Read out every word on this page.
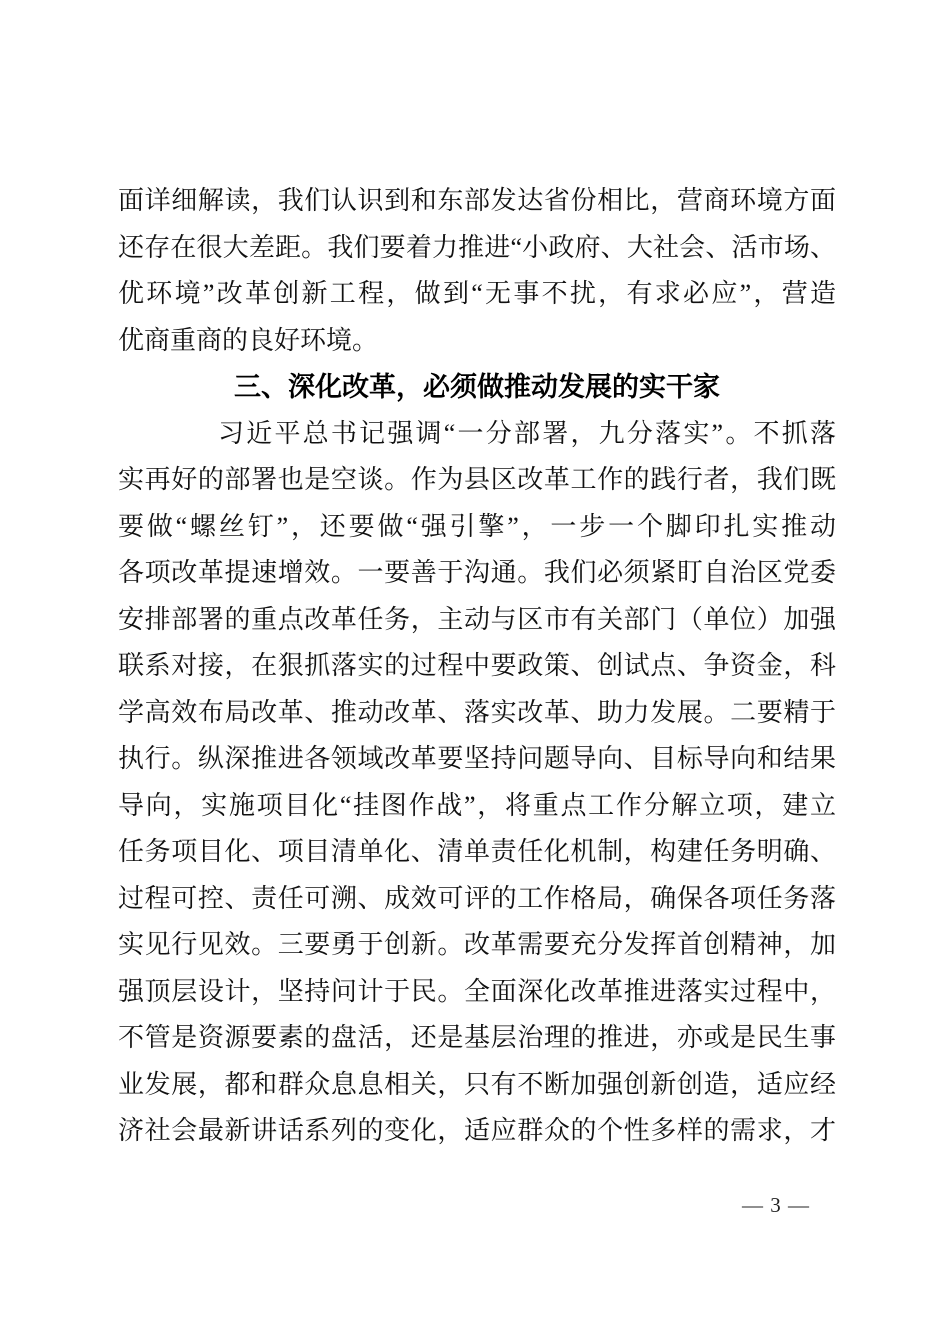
面详细解读，我们认识到和东部发达省份相比，营商环境方面
还存在很大差距。我们要着力推进“小政府、大社会、活市场、
优环境”改革创新工程，做到“无事不扰，有求必应”，营造
优商重商的良好环境。
三、深化改革，必须做推动发展的实干家
习近平总书记强调“一分部署，九分落实”。不抓落
实再好的部署也是空谈。作为县区改革工作的践行者，我们既
要做“螺丝钉”，还要做“强引擎”，一步一个脚印扎实推动
各项改革提速增效。一要善于沟通。我们必须紧盯自治区党委
安排部署的重点改革任务，主动与区市有关部门（单位）加强
联系对接，在狠抓落实的过程中要政策、创试点、争资金，科
学高效布局改革、推动改革、落实改革、助力发展。二要精于
执行。纵深推进各领域改革要坚持问题导向、目标导向和结果
导向，实施项目化“挂图作战”，将重点工作分解立项，建立
任务项目化、项目清单化、清单责任化机制，构建任务明确、
过程可控、责任可溯、成效可评的工作格局，确保各项任务落
实见行见效。三要勇于创新。改革需要充分发挥首创精神，加
强顶层设计，坚持问计于民。全面深化改革推进落实过程中，
不管是资源要素的盘活，还是基层治理的推进，亦或是民生事
业发展，都和群众息息相关，只有不断加强创新创造，适应经
济社会最新讲话系列的变化，适应群众的个性多样的需求，才
— 3 —
